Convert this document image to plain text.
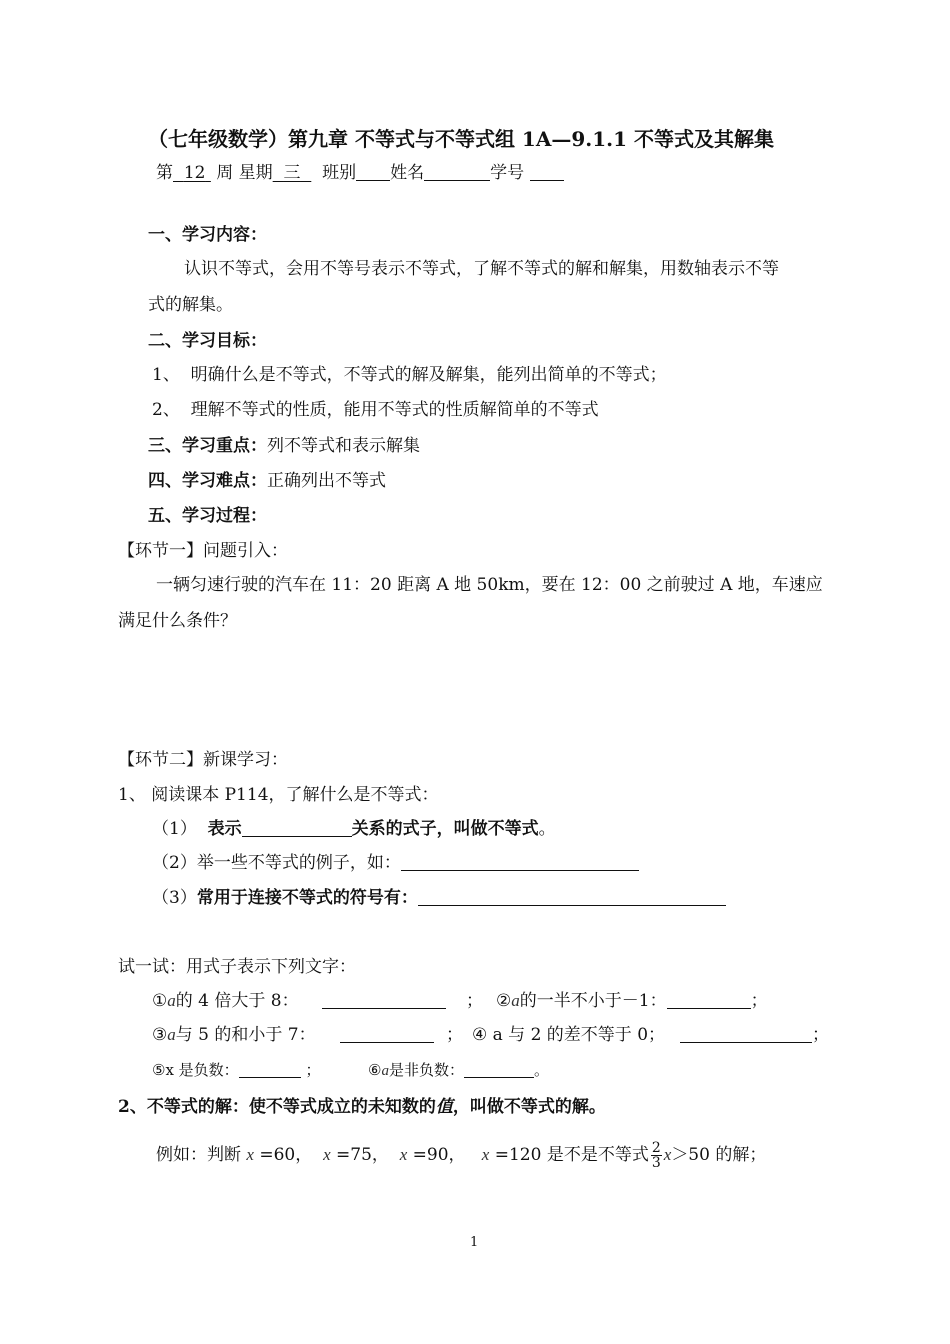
（七年级数学）第九章 不等式与不等式组 1A—9.1.1 不等式及其解集
第 12 周 星期 三 班别 姓名	学号
一、学习内容：
认识不等式，会用不等号表示不等式，了解不等式的解和解集，用数轴表示不等
式的解集。
二、学习目标：
1、 明确什么是不等式，不等式的解及解集，能列出简单的不等式；
2、 理解不等式的性质，能用不等式的性质解简单的不等式
三、学习重点：列不等式和表示解集
四、学习难点：正确列出不等式
五、学习过程：
【环节一】问题引入：
一辆匀速行驶的汽车在 11：20 距离 A 地 50km，要在 12：00 之前驶过 A 地，车速应
满足什么条件？
【环节二】新课学习：
1、 阅读课本 P114，了解什么是不等式：
（1） 表示	关系的式子，叫做不等式。
（2）举一些不等式的例子，如：
（3）常用于连接不等式的符号有：
试一试：用式子表示下列文字：
①a的 4 倍大于 8：	； ②a的一半不小于－1：	；
③a与 5 的和小于 7：	； ④ a 与 2 的差不等于 0；	；
⑤x 是负数：	；	⑥a是非负数：	。
2、不等式的解：使不等式成立的未知数的值，叫做不等式的解。
例如：判断 x =60， x =75， x =90， x =120 是不是不等式 $\frac{2}{3} x>50$ 的解；
1
